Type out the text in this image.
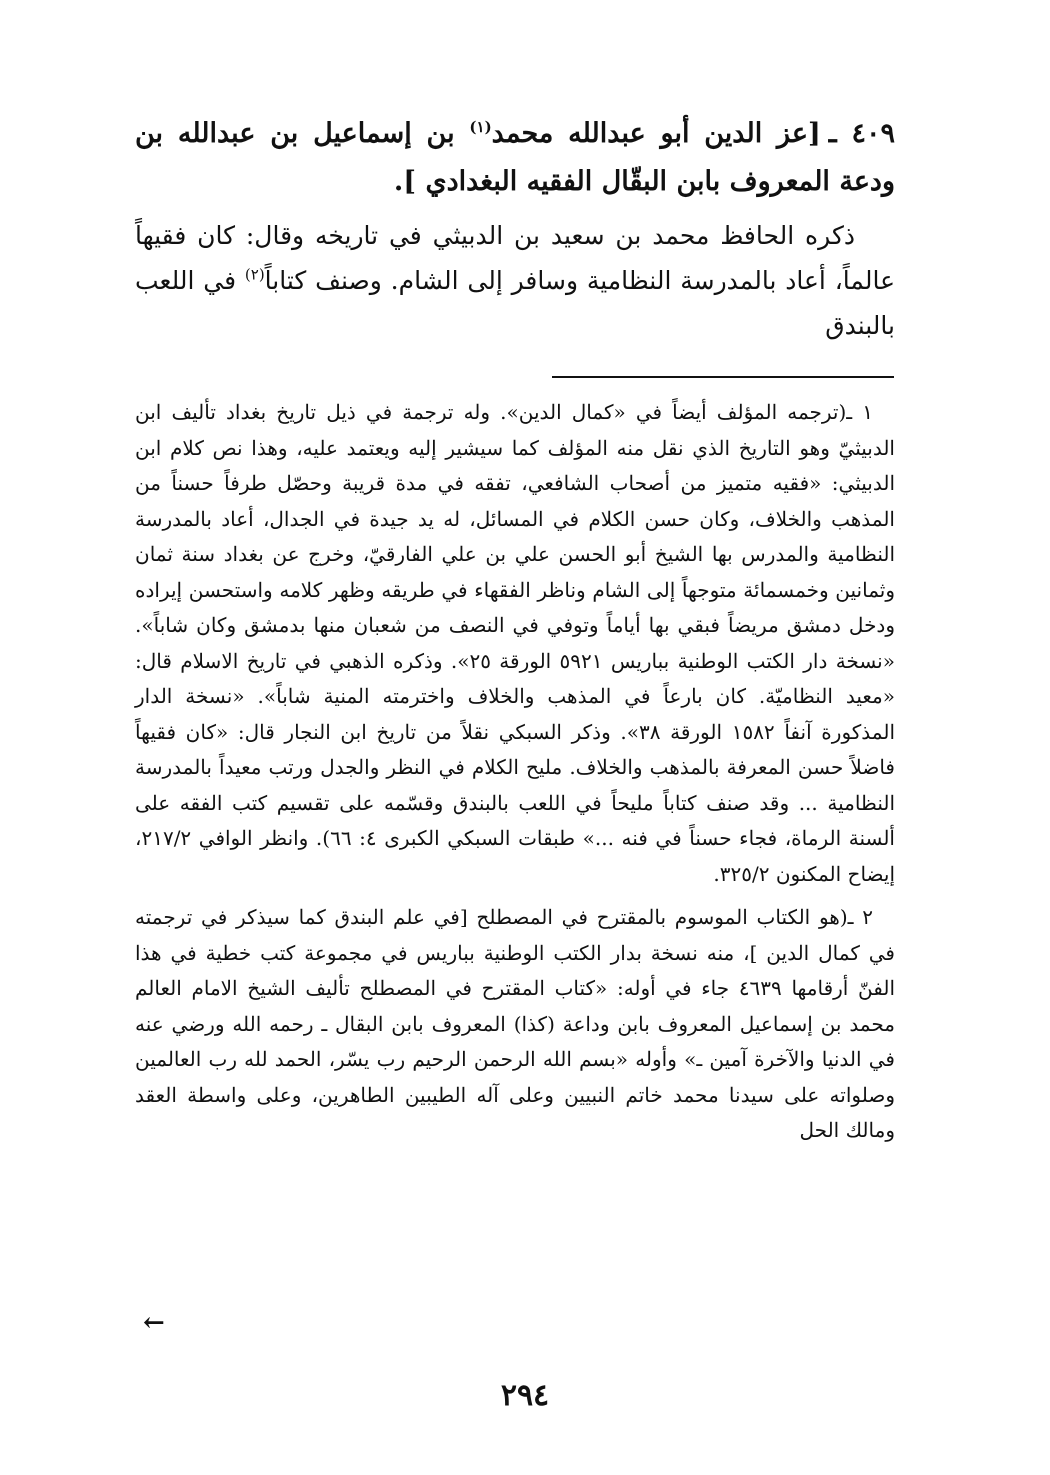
٤٠٩ ـ[عز الدين أبو عبدالله محمد$^{(١)}$ بن إسماعيل بن عبدالله بن ودعة المعروف بابن البقّال الفقيه البغدادي ].

ذكره الحافظ محمد بن سعيد بن الدبيثي في تاريخه وقال: كان فقيهاً عالماً، أعاد بالمدرسة النظامية وسافر إلى الشام. وصنف كتاباً$^{(٢)}$ في اللعب بالبندق

١ ـ(ترجمه المؤلف أيضاً في «كمال الدين». وله ترجمة في ذيل تاريخ بغداد تأليف ابن الدبيثيّ وهو التاريخ الذي نقل منه المؤلف كما سيشير إليه ويعتمد عليه، وهذا نص كلام ابن الدبيثي: «فقيه متميز من أصحاب الشافعي، تفقه في مدة قريبة وحصّل طرفاً حسناً من المذهب والخلاف، وكان حسن الكلام في المسائل، له يد جيدة في الجدال، أعاد بالمدرسة النظامية والمدرس بها الشيخ أبو الحسن علي بن علي الفارقيّ، وخرج عن بغداد سنة ثمان وثمانين وخمسمائة متوجهاً إلى الشام وناظر الفقهاء في طريقه وظهر كلامه واستحسن إيراده ودخل دمشق مريضاً فبقي بها أياماً وتوفي في النصف من شعبان منها بدمشق وكان شاباً». «نسخة دار الكتب الوطنية بباريس ٥٩٢١ الورقة ٢٥». وذكره الذهبي في تاريخ الاسلام قال: «معيد النظاميّة. كان بارعاً في المذهب والخلاف واخترمته المنية شاباً». «نسخة الدار المذكورة آنفاً ١٥٨٢ الورقة ٣٨». وذكر السبكي نقلاً من تاريخ ابن النجار قال: «كان فقيهاً فاضلاً حسن المعرفة بالمذهب والخلاف. مليح الكلام في النظر والجدل ورتب معيداً بالمدرسة النظامية ... وقد صنف كتاباً مليحاً في اللعب بالبندق وقسّمه على تقسيم كتب الفقه على ألسنة الرماة، فجاء حسناً في فنه ...» طبقات السبكي الكبرى ٤: ٦٦). وانظر الوافي ٢١٧/٢، إيضاح المكنون ٣٢٥/٢.

٢ ـ(هو الكتاب الموسوم بالمقترح في المصطلح [في علم البندق كما سيذكر في ترجمته في كمال الدين ]، منه نسخة بدار الكتب الوطنية بباريس في مجموعة كتب خطية في هذا الفنّ أرقامها ٤٦٣٩ جاء في أوله: «كتاب المقترح في المصطلح تأليف الشيخ الامام العالم محمد بن إسماعيل المعروف بابن وداعة (كذا) المعروف بابن البقال ـ رحمه الله ورضي عنه في الدنيا والآخرة آمين ـ» وأوله «بسم الله الرحمن الرحيم رب يسّر، الحمد لله رب العالمين وصلواته على سيدنا محمد خاتم النبيين وعلى آله الطيبين الطاهرين، وعلى واسطة العقد ومالك الحل

←
٢٩٤
